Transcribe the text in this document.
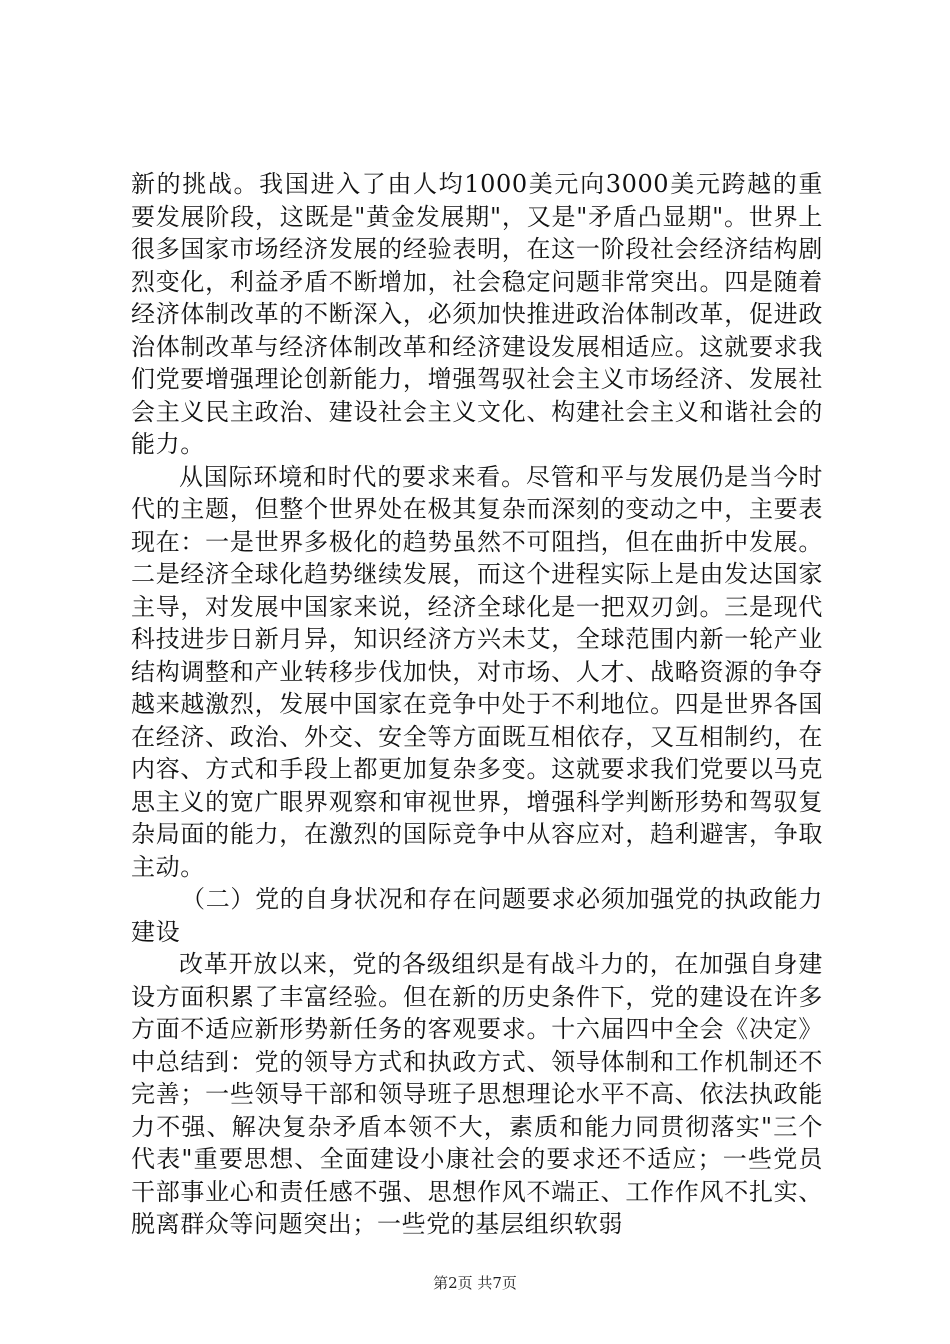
新的挑战。我国进入了由人均1000美元向3000美元跨越的重要发展阶段，这既是"黄金发展期"，又是"矛盾凸显期"。世界上很多国家市场经济发展的经验表明，在这一阶段社会经济结构剧烈变化，利益矛盾不断增加，社会稳定问题非常突出。四是随着经济体制改革的不断深入，必须加快推进政治体制改革，促进政治体制改革与经济体制改革和经济建设发展相适应。这就要求我们党要增强理论创新能力，增强驾驭社会主义市场经济、发展社会主义民主政治、建设社会主义文化、构建社会主义和谐社会的能力。

从国际环境和时代的要求来看。尽管和平与发展仍是当今时代的主题，但整个世界处在极其复杂而深刻的变动之中，主要表现在：一是世界多极化的趋势虽然不可阻挡，但在曲折中发展。二是经济全球化趋势继续发展，而这个进程实际上是由发达国家主导，对发展中国家来说，经济全球化是一把双刃剑。三是现代科技进步日新月异，知识经济方兴未艾，全球范围内新一轮产业结构调整和产业转移步伐加快，对市场、人才、战略资源的争夺越来越激烈，发展中国家在竞争中处于不利地位。四是世界各国在经济、政治、外交、安全等方面既互相依存，又互相制约，在内容、方式和手段上都更加复杂多变。这就要求我们党要以马克思主义的宽广眼界观察和审视世界，增强科学判断形势和驾驭复杂局面的能力，在激烈的国际竞争中从容应对，趋利避害，争取主动。

（二）党的自身状况和存在问题要求必须加强党的执政能力建设

改革开放以来，党的各级组织是有战斗力的，在加强自身建设方面积累了丰富经验。但在新的历史条件下，党的建设在许多方面不适应新形势新任务的客观要求。十六届四中全会《决定》中总结到：党的领导方式和执政方式、领导体制和工作机制还不完善；一些领导干部和领导班子思想理论水平不高、依法执政能力不强、解决复杂矛盾本领不大，素质和能力同贯彻落实"三个代表"重要思想、全面建设小康社会的要求还不适应；一些党员干部事业心和责任感不强、思想作风不端正、工作作风不扎实、脱离群众等问题突出；一些党的基层组织软弱

第2页 共7页
